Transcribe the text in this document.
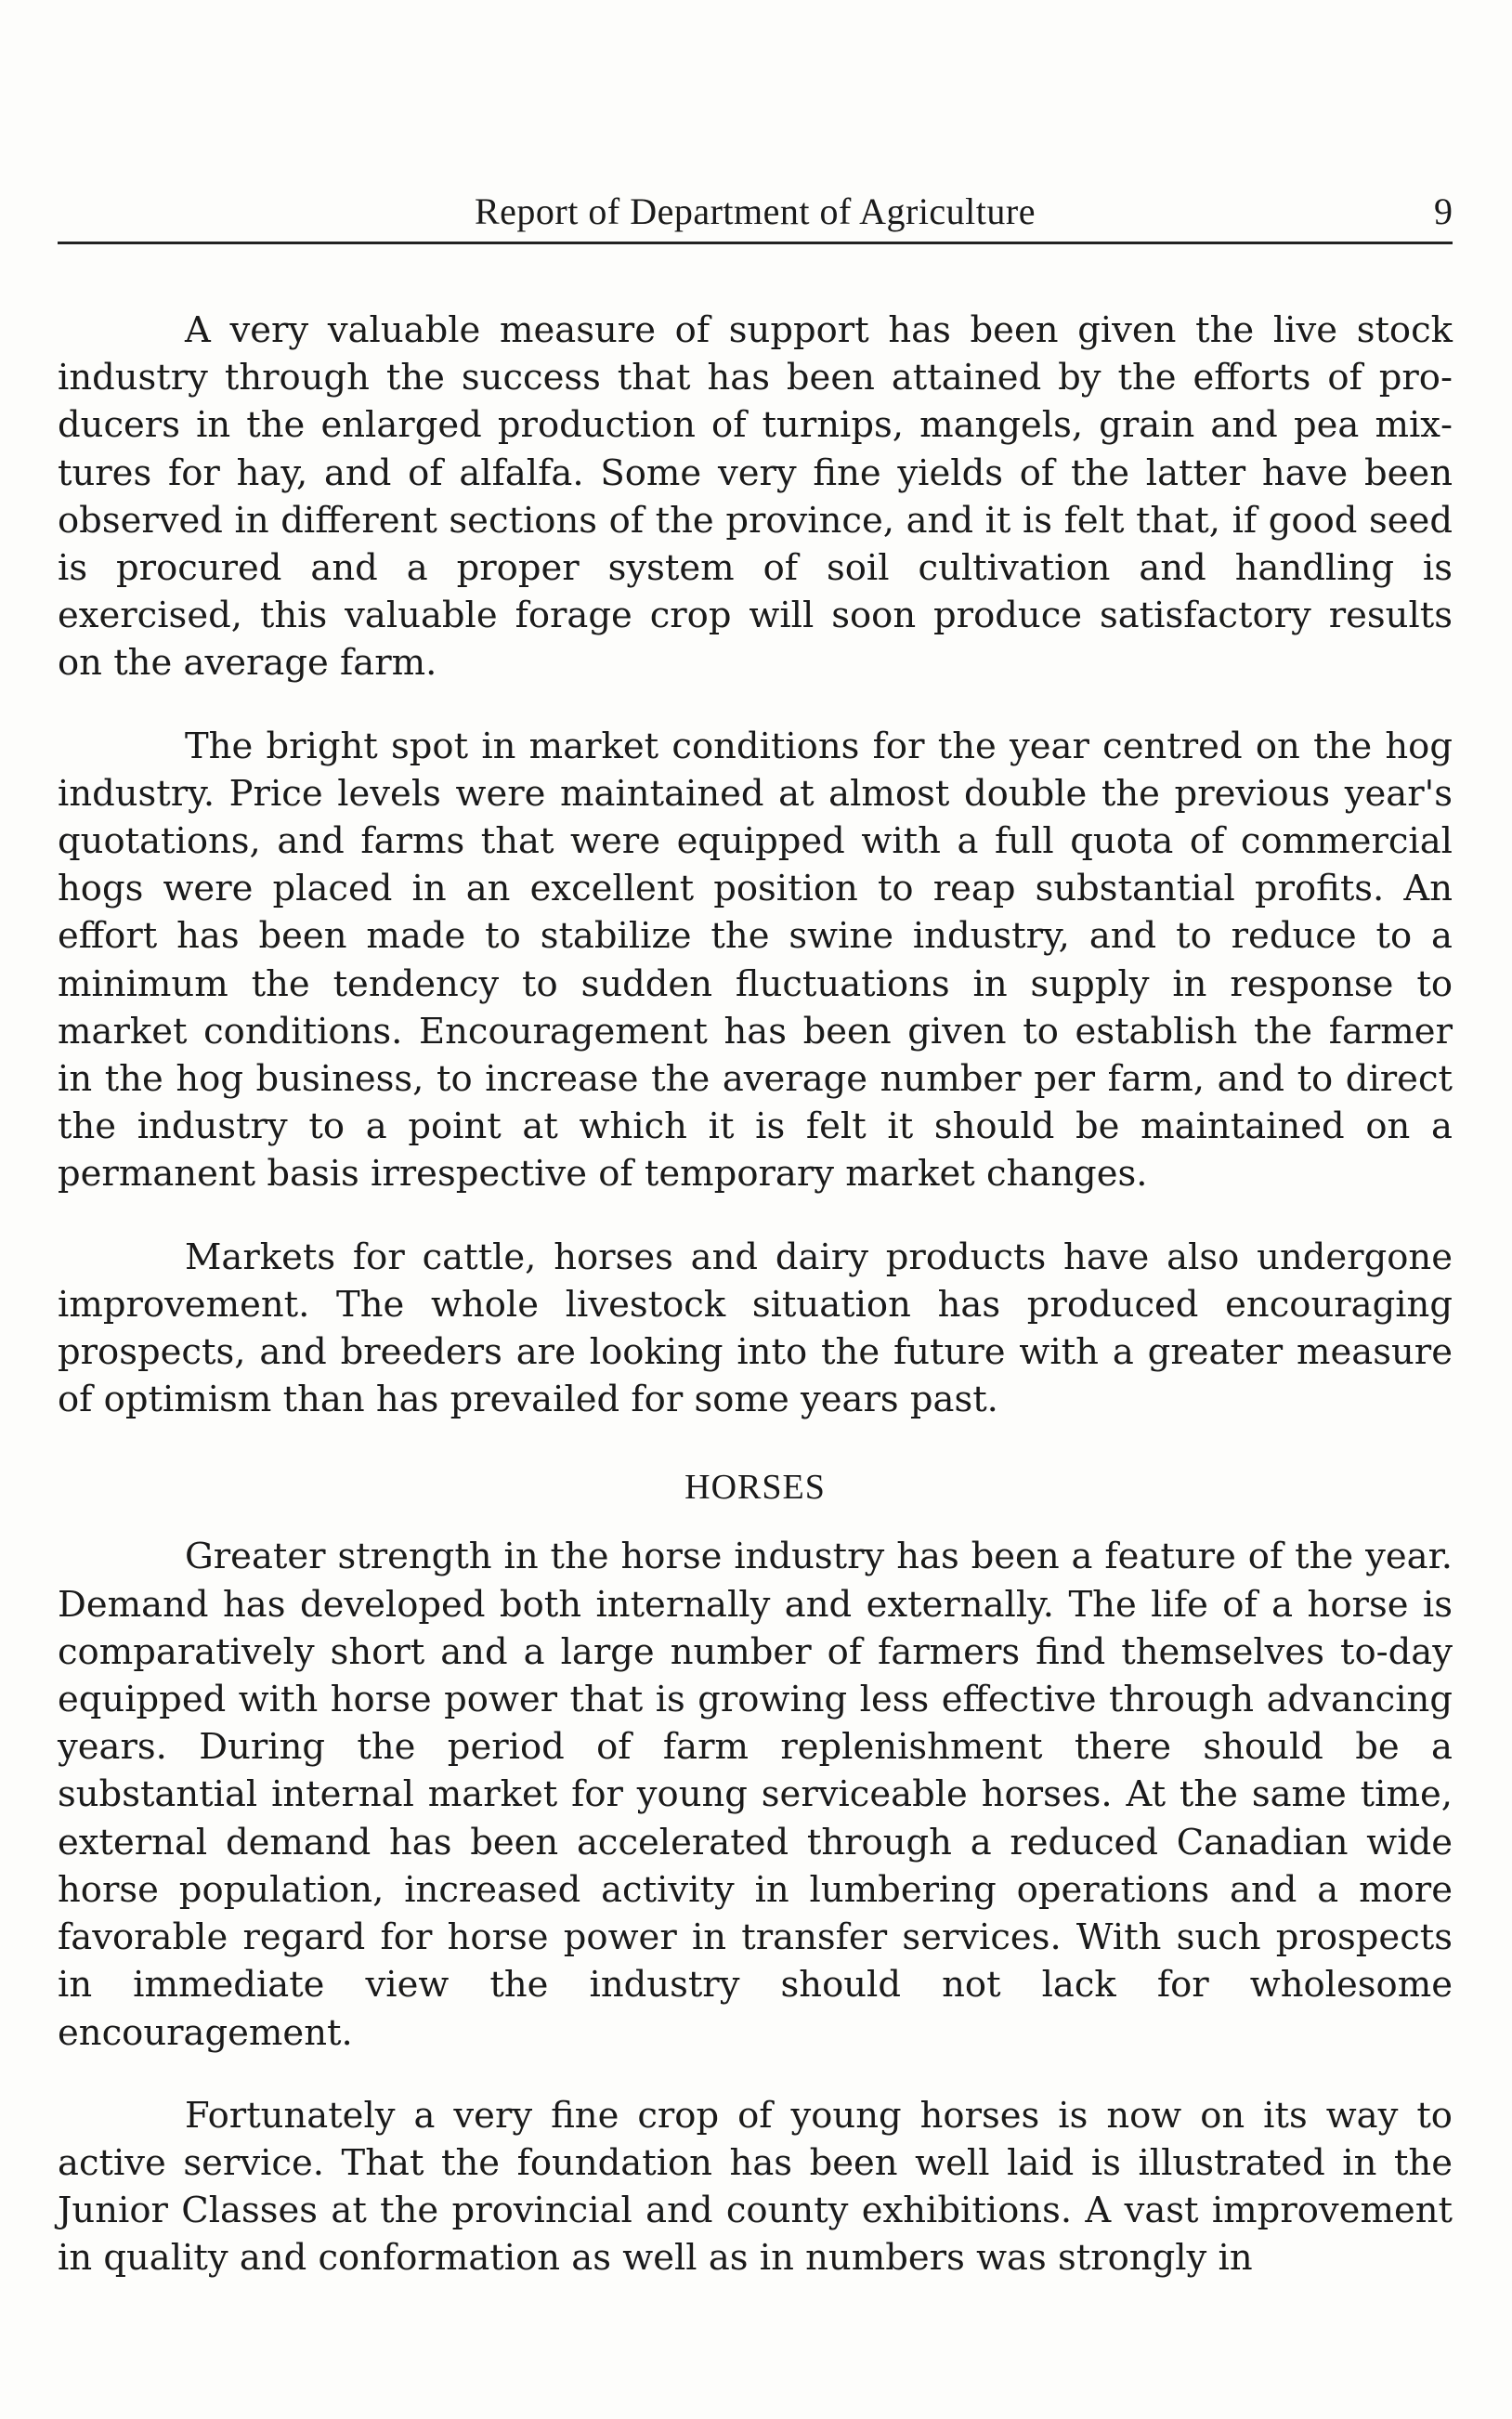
Report of Department of Agriculture	9

A very valuable measure of support has been given the live stock industry through the success that has been attained by the efforts of producers in the enlarged production of turnips, mangels, grain and pea mixtures for hay, and of alfalfa. Some very fine yields of the latter have been observed in different sections of the province, and it is felt that, if good seed is procured and a proper system of soil cultivation and handling is exercised, this valuable forage crop will soon produce satisfactory results on the average farm.

The bright spot in market conditions for the year centred on the hog industry. Price levels were maintained at almost double the previous year's quotations, and farms that were equipped with a full quota of commercial hogs were placed in an excellent position to reap substantial profits. An effort has been made to stabilize the swine industry, and to reduce to a minimum the tendency to sudden fluctuations in supply in response to market conditions. Encouragement has been given to establish the farmer in the hog business, to increase the average number per farm, and to direct the industry to a point at which it is felt it should be maintained on a permanent basis irrespective of temporary market changes.

Markets for cattle, horses and dairy products have also undergone improvement. The whole livestock situation has produced encouraging prospects, and breeders are looking into the future with a greater measure of optimism than has prevailed for some years past.

HORSES

Greater strength in the horse industry has been a feature of the year. Demand has developed both internally and externally. The life of a horse is comparatively short and a large number of farmers find themselves to-day equipped with horse power that is growing less effective through advancing years. During the period of farm replenishment there should be a substantial internal market for young serviceable horses. At the same time, external demand has been accelerated through a reduced Canadian wide horse population, increased activity in lumbering operations and a more favorable regard for horse power in transfer services. With such prospects in immediate view the industry should not lack for wholesome encouragement.

Fortunately a very fine crop of young horses is now on its way to active service. That the foundation has been well laid is illustrated in the Junior Classes at the provincial and county exhibitions. A vast improvement in quality and conformation as well as in numbers was strongly in
